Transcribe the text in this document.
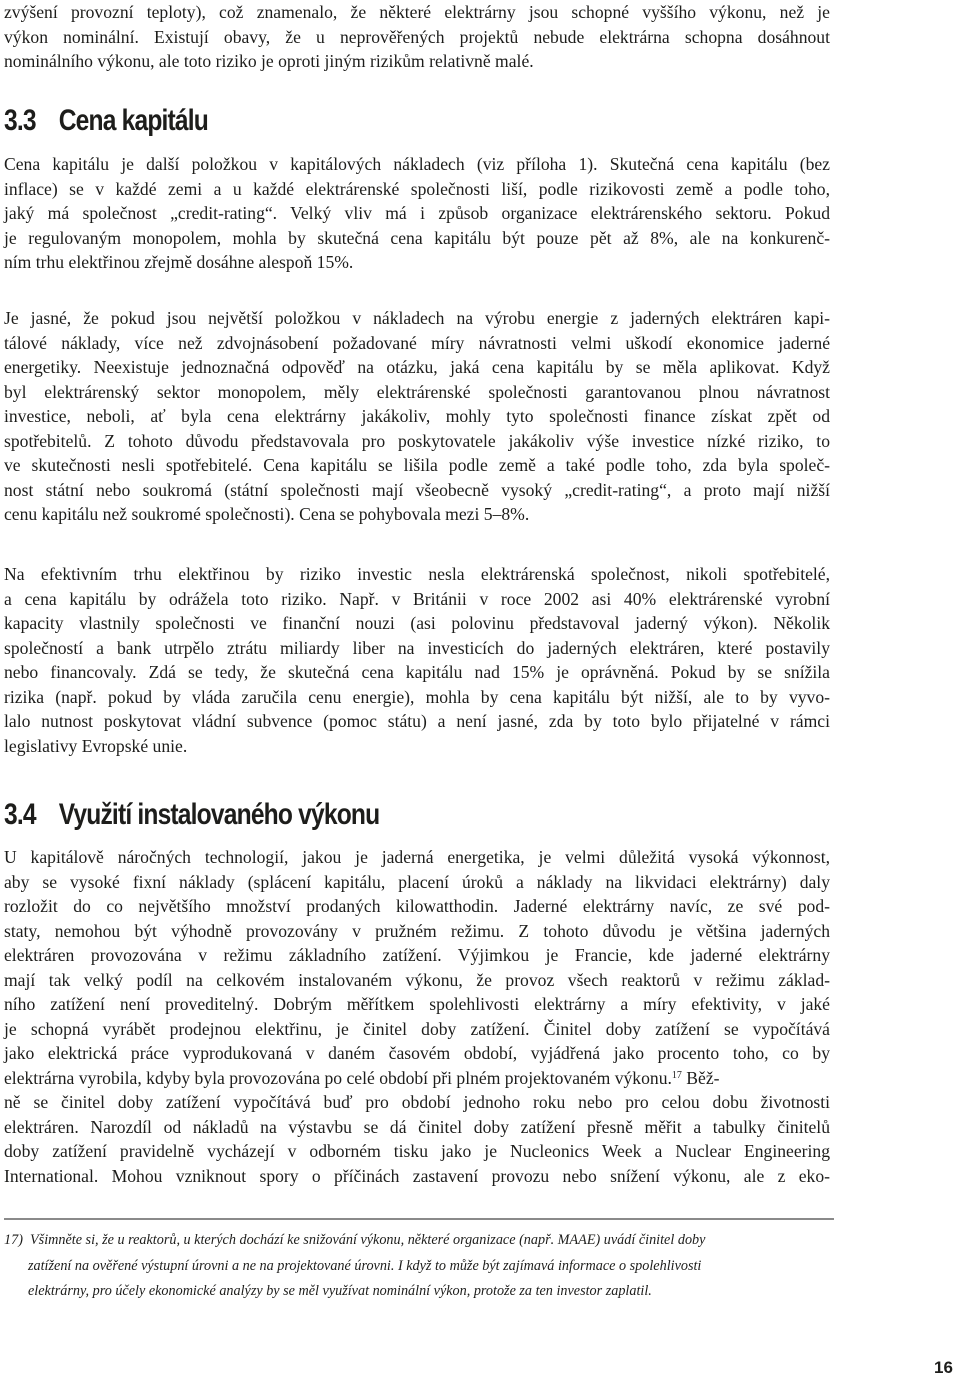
zvýšení provozní teploty), což znamenalo, že některé elektrárny jsou schopné vyššího výkonu, než je
výkon nominální. Existují obavy, že u neprověřených projektů nebude elektrárna schopna dosáhnout
nominálního výkonu, ale toto riziko je oproti jiným rizikům relativně malé.

3.3 Cena kapitálu

Cena kapitálu je další položkou v kapitálových nákladech (viz příloha 1). Skutečná cena kapitálu (bez
inflace) se v každé zemi a u každé elektrárenské společnosti liší, podle rizikovosti země a podle toho,
jaký má společnost „credit-rating“. Velký vliv má i způsob organizace elektrárenského sektoru. Pokud
je regulovaným monopolem, mohla by skutečná cena kapitálu být pouze pět až 8%, ale na konkurenč-
ním trhu elektřinou zřejmě dosáhne alespoň 15%.

Je jasné, že pokud jsou největší položkou v nákladech na výrobu energie z jaderných elektráren kapi-
tálové náklady, více než zdvojnásobení požadované míry návratnosti velmi uškodí ekonomice jaderné
energetiky. Neexistuje jednoznačná odpověď na otázku, jaká cena kapitálu by se měla aplikovat. Když
byl elektrárenský sektor monopolem, měly elektrárenské společnosti garantovanou plnou návratnost
investice, neboli, ať byla cena elektrárny jakákoliv, mohly tyto společnosti finance získat zpět od
spotřebitelů. Z tohoto důvodu představovala pro poskytovatele jakákoliv výše investice nízké riziko, to
ve skutečnosti nesli spotřebitelé. Cena kapitálu se lišila podle země a také podle toho, zda byla společ-
nost státní nebo soukromá (státní společnosti mají všeobecně vysoký „credit-rating“, a proto mají nižší
cenu kapitálu než soukromé společnosti). Cena se pohybovala mezi 5–8%.

Na efektivním trhu elektřinou by riziko investic nesla elektrárenská společnost, nikoli spotřebitelé,
a cena kapitálu by odrážela toto riziko. Např. v Británii v roce 2002 asi 40% elektrárenské vyrobní
kapacity vlastnily společnosti ve finanční nouzi (asi polovinu představoval jaderný výkon). Několik
společností a bank utrpělo ztrátu miliardy liber na investicích do jaderných elektráren, které postavily
nebo financovaly. Zdá se tedy, že skutečná cena kapitálu nad 15% je oprávněná. Pokud by se snížila
rizika (např. pokud by vláda zaručila cenu energie), mohla by cena kapitálu být nižší, ale to by vyvo-
lalo nutnost poskytovat vládní subvence (pomoc státu) a není jasné, zda by toto bylo přijatelné v rámci
legislativy Evropské unie.

3.4 Využití instalovaného výkonu

U kapitálově náročných technologií, jakou je jaderná energetika, je velmi důležitá vysoká výkonnost,
aby se vysoké fixní náklady (splácení kapitálu, placení úroků a náklady na likvidaci elektrárny) daly
rozložit do co největšího množství prodaných kilowatthodin. Jaderné elektrárny navíc, ze své pod-
staty, nemohou být výhodně provozovány v pružném režimu. Z tohoto důvodu je většina jaderných
elektráren provozována v režimu základního zatížení. Výjimkou je Francie, kde jaderné elektrárny
mají tak velký podíl na celkovém instalovaném výkonu, že provoz všech reaktorů v režimu základ-
ního zatížení není proveditelný. Dobrým měřítkem spolehlivosti elektrárny a míry efektivity, v jaké
je schopná vyrábět prodejnou elektřinu, je činitel doby zatížení. Činitel doby zatížení se vypočítává
jako elektrická práce vyprodukovaná v daném časovém období, vyjádřená jako procento toho, co by
elektrárna vyrobila, kdyby byla provozována po celé období při plném projektovaném výkonu.$^{17}$ Běž-
ně se činitel doby zatížení vypočítává buď pro období jednoho roku nebo pro celou dobu životnosti
elektráren. Narozdíl od nákladů na výstavbu se dá činitel doby zatížení přesně měřit a tabulky činitelů
doby zatížení pravidelně vycházejí v odborném tisku jako je Nucleonics Week a Nuclear Engineering
International. Mohou vzniknout spory o příčinách zastavení provozu nebo snížení výkonu, ale z eko-

17) Všimněte si, že u reaktorů, u kterých dochází ke snižování výkonu, některé organizace (např. MAAE) uvádí činitel doby
zatížení na ověřené výstupní úrovni a ne na projektované úrovni. I když to může být zajímavá informace o spolehlivosti
elektrárny, pro účely ekonomické analýzy by se měl využívat nominální výkon, protože za ten investor zaplatil.

16
